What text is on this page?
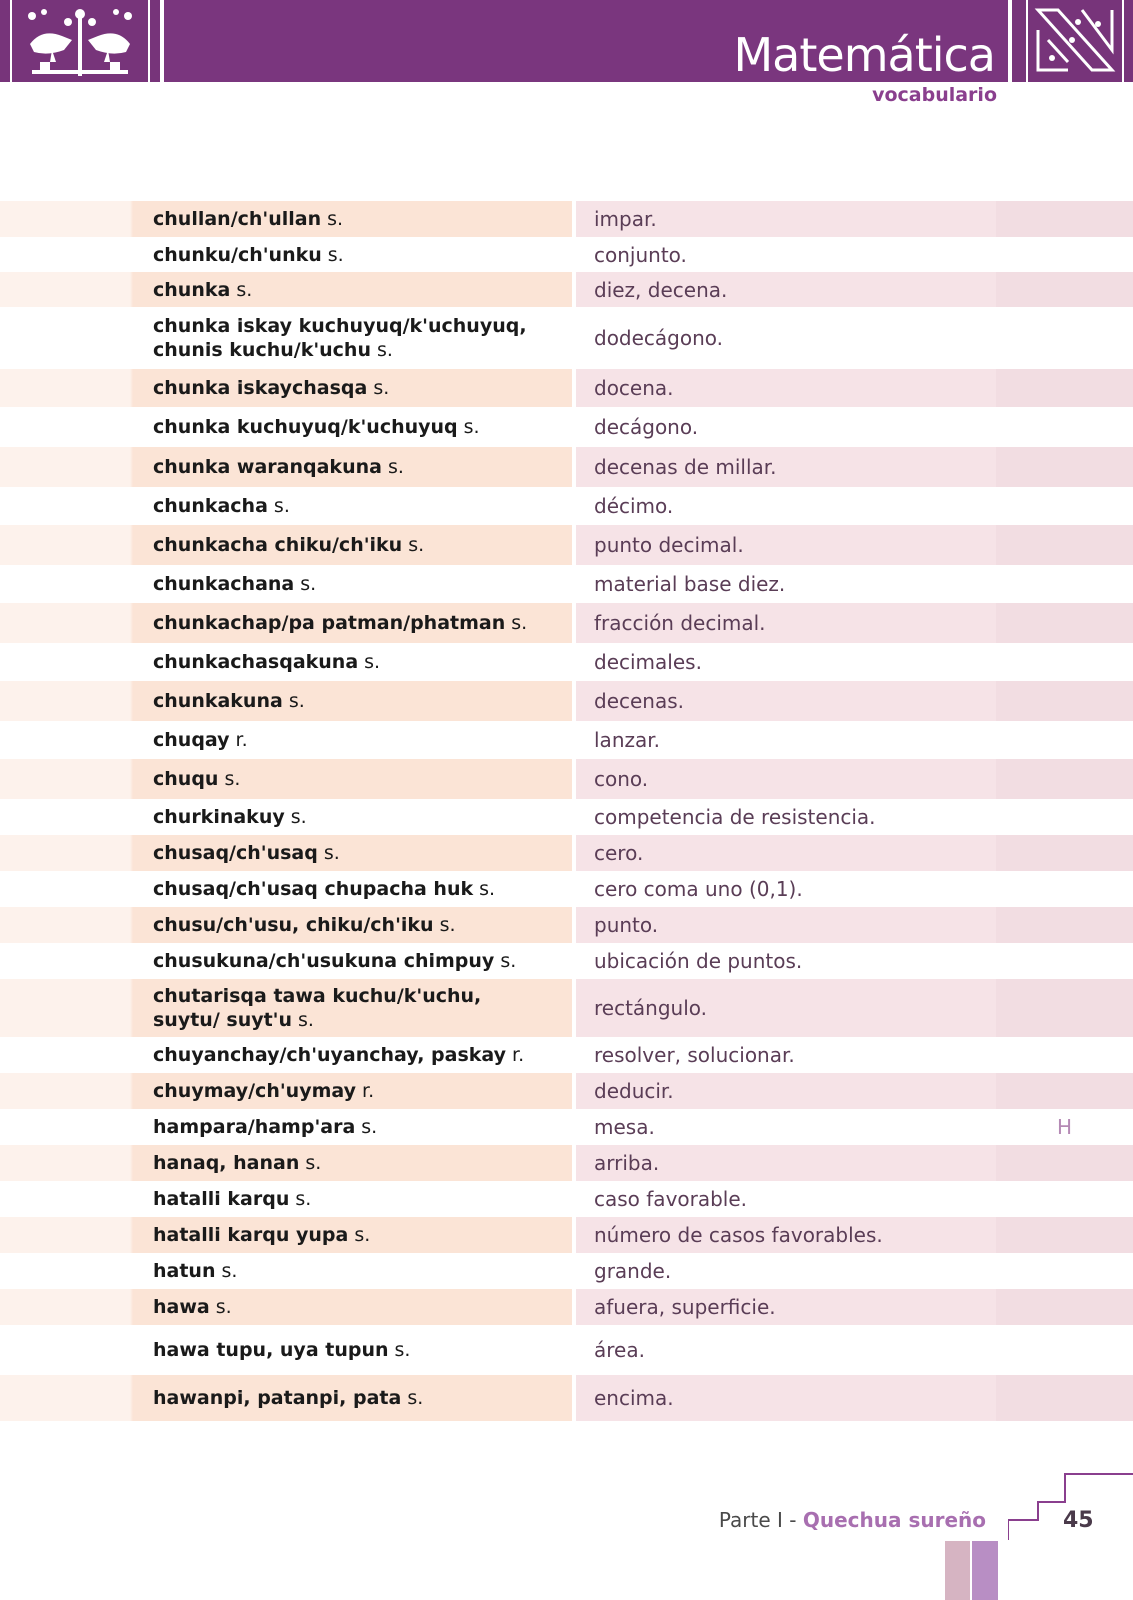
Matemática
vocabulario
chullan/ch'ullan s.	impar.
chunku/ch'unku s.	conjunto.
chunka s.	diez, decena.
chunka iskay kuchuyuq/k'uchuyuq, chunis kuchu/k'uchu s.	dodecágono.
chunka iskaychasqa s.	docena.
chunka kuchuyuq/k'uchuyuq s.	decágono.
chunka waranqakuna s.	decenas de millar.
chunkacha s.	décimo.
chunkacha chiku/ch'iku s.	punto decimal.
chunkachana s.	material base diez.
chunkachap/pa patman/phatman s.	fracción decimal.
chunkachasqakuna s.	decimales.
chunkakuna s.	decenas.
chuqay r.	lanzar.
chuqu s.	cono.
churkinakuy s.	competencia de resistencia.
chusaq/ch'usaq s.	cero.
chusaq/ch'usaq chupacha huk s.	cero coma uno (0,1).
chusu/ch'usu, chiku/ch'iku s.	punto.
chusukuna/ch'usukuna chimpuy s.	ubicación de puntos.
chutarisqa tawa kuchu/k'uchu, suytu/ suyt'u s.	rectángulo.
chuyanchay/ch'uyanchay, paskay r.	resolver, solucionar.
chuymay/ch'uymay r.	deducir.
hampara/hamp'ara s.	mesa.	H
hanaq, hanan s.	arriba.
hatalli karqu s.	caso favorable.
hatalli karqu yupa s.	número de casos favorables.
hatun s.	grande.
hawa s.	afuera, superficie.
hawa tupu, uya tupun s.	área.
hawanpi, patanpi, pata s.	encima.
Parte I - Quechua sureño	45
